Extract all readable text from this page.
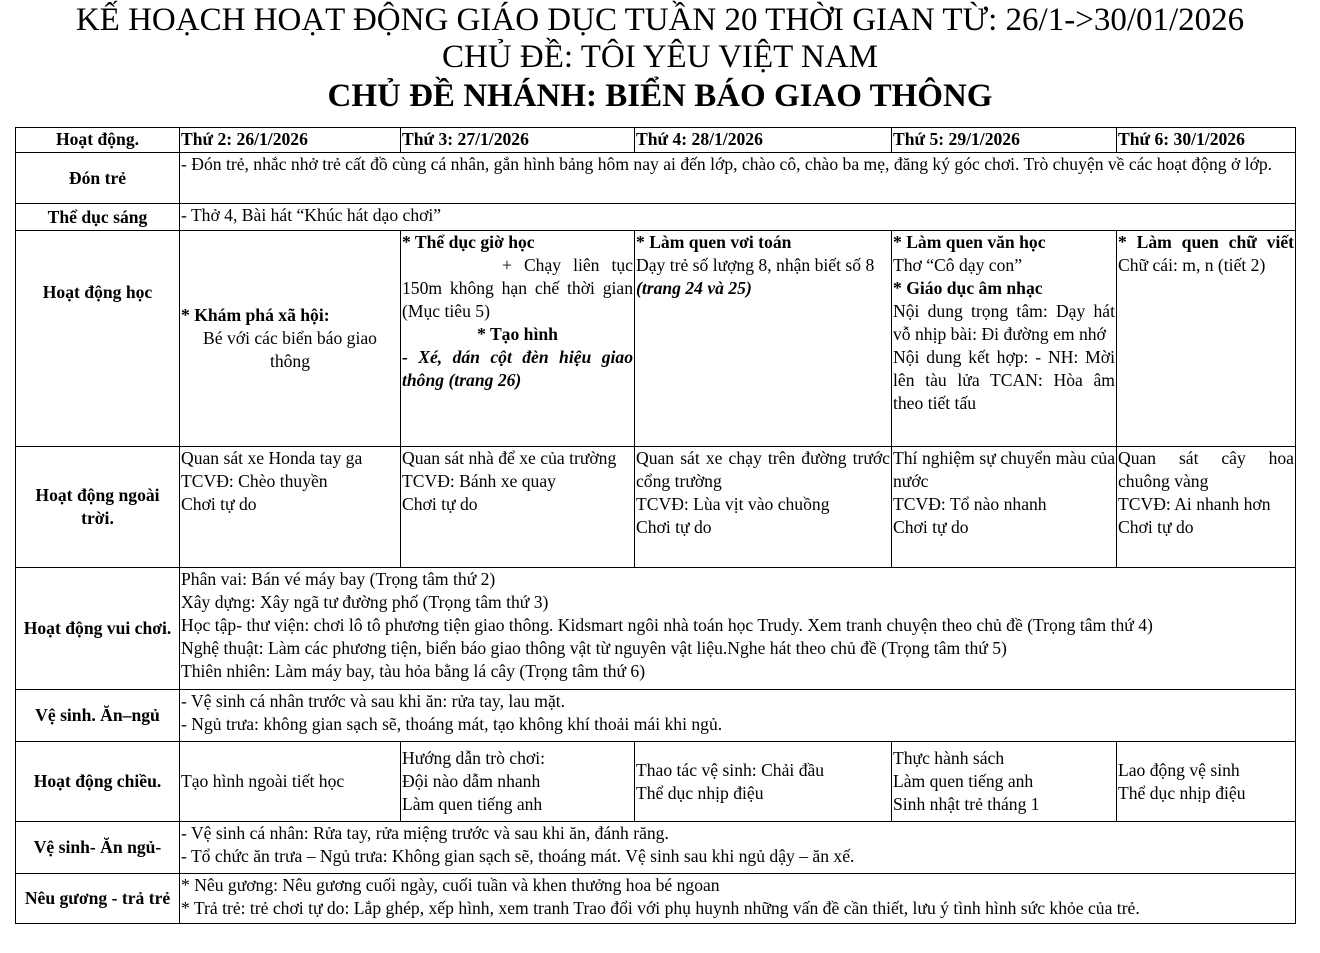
KẾ HOẠCH HOẠT ĐỘNG GIÁO DỤC TUẦN 20 THỜI GIAN TỪ: 26/1->30/01/2026
CHỦ ĐỀ: TÔI YÊU VIỆT NAM
CHỦ ĐỀ NHÁNH: BIỂN BÁO GIAO THÔNG
Hoạt động.	Thứ 2: 26/1/2026	Thứ 3: 27/1/2026	Thứ 4: 28/1/2026	Thứ 5: 29/1/2026	Thứ 6: 30/1/2026
Đón trẻ	- Đón trẻ, nhắc nhở trẻ cất đồ cùng cá nhân, gắn hình bảng hôm nay ai đến lớp, chào cô, chào ba mẹ, đăng ký góc chơi. Trò chuyện về các hoạt động ở lớp.				
Thể dục sáng	- Thở 4, Bài hát “Khúc hát dạo chơi”				
Hoạt động học	* Khám phá xã hội:
Bé với các biển báo giao thông	* Thể dục giờ học
+ Chạy liên tục 150m không hạn chế thời gian (Mục tiêu 5)
* Tạo hình
- Xé, dán cột đèn hiệu giao thông (trang 26)	* Làm quen vơi toán
Dạy trẻ số lượng 8, nhận biết số 8 (trang 24 và 25)	* Làm quen văn học
Thơ “Cô dạy con”
* Giáo dục âm nhạc
Nội dung trọng tâm: Dạy hát vỗ nhịp bài: Đi đường em nhớ
Nội dung kết hợp: - NH: Mời lên tàu lửa TCAN: Hòa âm theo tiết tấu	* Làm quen chữ viết
Chữ cái: m, n (tiết 2)

Hoạt động ngoài trời.	Quan sát xe Honda tay ga
TCVĐ: Chèo thuyền
Chơi tự do	Quan sát nhà để xe của trường
TCVĐ: Bánh xe quay
Chơi tự do	Quan sát xe chạy trên đường trước cổng trường
TCVĐ: Lùa vịt vào chuồng
Chơi tự do	Thí nghiệm sự chuyển màu của nước
TCVĐ: Tổ nào nhanh
Chơi tự do	Quan sát cây hoa chuông vàng
TCVĐ: Ai nhanh hơn
Chơi tự do

Hoạt động vui chơi.	Phân vai: Bán vé máy bay (Trọng tâm thứ 2)
Xây dựng: Xây ngã tư đường phố (Trọng tâm thứ 3)
Học tập- thư viện: chơi lô tô phương tiện giao thông. Kidsmart ngôi nhà toán học Trudy. Xem tranh chuyện theo chủ đề (Trọng tâm thứ 4)
Nghệ thuật: Làm các phương tiện, biển báo giao thông vật từ nguyên vật liệu.Nghe hát theo chủ đề (Trọng tâm thứ 5)
Thiên nhiên: Làm máy bay, tàu hỏa bằng lá cây (Trọng tâm thứ 6)				

Vệ sinh. Ăn–ngủ	- Vệ sinh cá nhân trước và sau khi ăn: rửa tay, lau mặt.
- Ngủ trưa: không gian sạch sẽ, thoáng mát, tạo không khí thoải mái khi ngủ.				

Hoạt động chiều.	Tạo hình ngoài tiết học	Hướng dẫn trò chơi:
Đội nào dẫm nhanh
Làm quen tiếng anh	Thao tác vệ sinh: Chải đầu
Thể dục nhịp điệu	Thực hành sách
Làm quen tiếng anh
Sinh nhật trẻ tháng 1	Lao động vệ sinh
Thể dục nhịp điệu

Vệ sinh- Ăn ngủ-	- Vệ sinh cá nhân: Rửa tay, rửa miệng trước và sau khi ăn, đánh răng.
- Tổ chức ăn trưa – Ngủ trưa: Không gian sạch sẽ, thoáng mát. Vệ sinh sau khi ngủ dậy – ăn xế.				

Nêu gương - trả trẻ	* Nêu gương: Nêu gương cuối ngày, cuối tuần và khen thưởng hoa bé ngoan
* Trả trẻ: trẻ chơi tự do: Lắp ghép, xếp hình, xem tranh Trao đổi với phụ huynh những vấn đề cần thiết, lưu ý tình hình sức khỏe của trẻ.				
